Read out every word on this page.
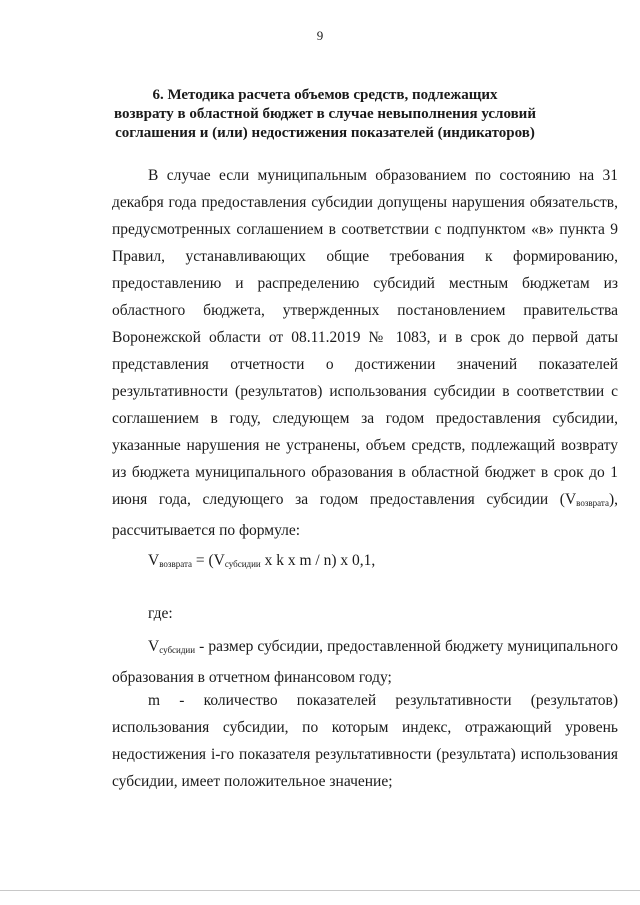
9
6. Методика расчета объемов средств, подлежащих
возврату в областной бюджет в случае невыполнения условий
соглашения и (или) недостижения показателей (индикаторов)
В случае если муниципальным образованием по состоянию на 31 декабря года предоставления субсидии допущены нарушения обязательств, предусмотренных соглашением в соответствии с подпунктом «в» пункта 9 Правил, устанавливающих общие требования к формированию, предоставлению и распределению субсидий местным бюджетам из областного бюджета, утвержденных постановлением правительства Воронежской области от 08.11.2019 № 1083, и в срок до первой даты представления отчетности о достижении значений показателей результативности (результатов) использования субсидии в соответствии с соглашением в году, следующем за годом предоставления субсидии, указанные нарушения не устранены, объем средств, подлежащий возврату из бюджета муниципального образования в областной бюджет в срок до 1 июня года, следующего за годом предоставления субсидии $(V_{возврата})$, рассчитывается по формуле:
$V_{возврата} = (V_{субсидии}$ x k x m / n) x 0,1,
где:
$V_{субсидии}$ - размер субсидии, предоставленной бюджету муниципального образования в отчетном финансовом году;
m - количество показателей результативности (результатов) использования субсидии, по которым индекс, отражающий уровень недостижения i-го показателя результативности (результата) использования субсидии, имеет положительное значение;
